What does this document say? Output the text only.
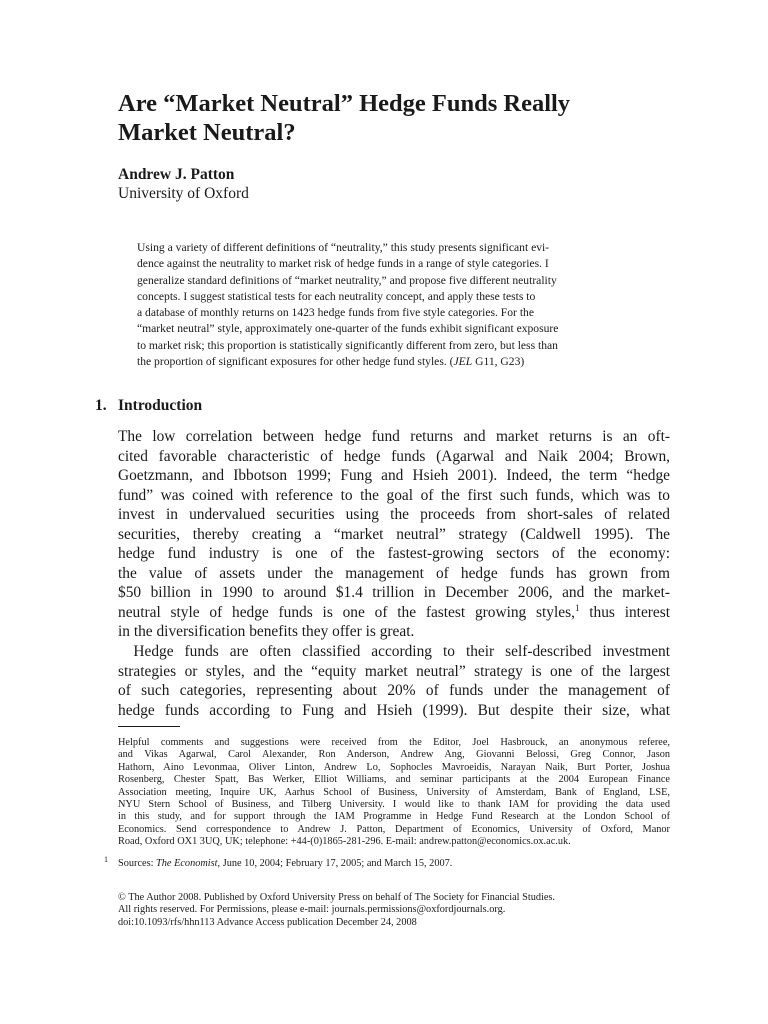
Are “Market Neutral” Hedge Funds Really
Market Neutral?
Andrew J. Patton
University of Oxford
Using a variety of different definitions of “neutrality,” this study presents significant evi-
dence against the neutrality to market risk of hedge funds in a range of style categories. I
generalize standard definitions of “market neutrality,” and propose five different neutrality
concepts. I suggest statistical tests for each neutrality concept, and apply these tests to
a database of monthly returns on 1423 hedge funds from five style categories. For the
“market neutral” style, approximately one-quarter of the funds exhibit significant exposure
to market risk; this proportion is statistically significantly different from zero, but less than
the proportion of significant exposures for other hedge fund styles. (JEL G11, G23)
1. Introduction
The low correlation between hedge fund returns and market returns is an oft-
cited favorable characteristic of hedge funds (Agarwal and Naik 2004; Brown,
Goetzmann, and Ibbotson 1999; Fung and Hsieh 2001). Indeed, the term “hedge
fund” was coined with reference to the goal of the first such funds, which was to
invest in undervalued securities using the proceeds from short-sales of related
securities, thereby creating a “market neutral” strategy (Caldwell 1995). The
hedge fund industry is one of the fastest-growing sectors of the economy:
the value of assets under the management of hedge funds has grown from
$50 billion in 1990 to around $1.4 trillion in December 2006, and the market-
neutral style of hedge funds is one of the fastest growing styles,$^1$ thus interest
in the diversification benefits they offer is great.
 Hedge funds are often classified according to their self-described investment
strategies or styles, and the “equity market neutral” strategy is one of the largest
of such categories, representing about 20% of funds under the management of
hedge funds according to Fung and Hsieh (1999). But despite their size, what
Helpful comments and suggestions were received from the Editor, Joel Hasbrouck, an anonymous referee,
and Vikas Agarwal, Carol Alexander, Ron Anderson, Andrew Ang, Giovanni Belossi, Greg Connor, Jason
Hathorn, Aino Levonmaa, Oliver Linton, Andrew Lo, Sophocles Mavroeidis, Narayan Naik, Burt Porter, Joshua
Rosenberg, Chester Spatt, Bas Werker, Elliot Williams, and seminar participants at the 2004 European Finance
Association meeting, Inquire UK, Aarhus School of Business, University of Amsterdam, Bank of England, LSE,
NYU Stern School of Business, and Tilberg University. I would like to thank IAM for providing the data used
in this study, and for support through the IAM Programme in Hedge Fund Research at the London School of
Economics. Send correspondence to Andrew J. Patton, Department of Economics, University of Oxford, Manor
Road, Oxford OX1 3UQ, UK; telephone: +44-(0)1865-281-296. E-mail: andrew.patton@economics.ox.ac.uk.
1 Sources: The Economist, June 10, 2004; February 17, 2005; and March 15, 2007.
© The Author 2008. Published by Oxford University Press on behalf of The Society for Financial Studies.
All rights reserved. For Permissions, please e-mail: journals.permissions@oxfordjournals.org.
doi:10.1093/rfs/hhn113 Advance Access publication December 24, 2008
